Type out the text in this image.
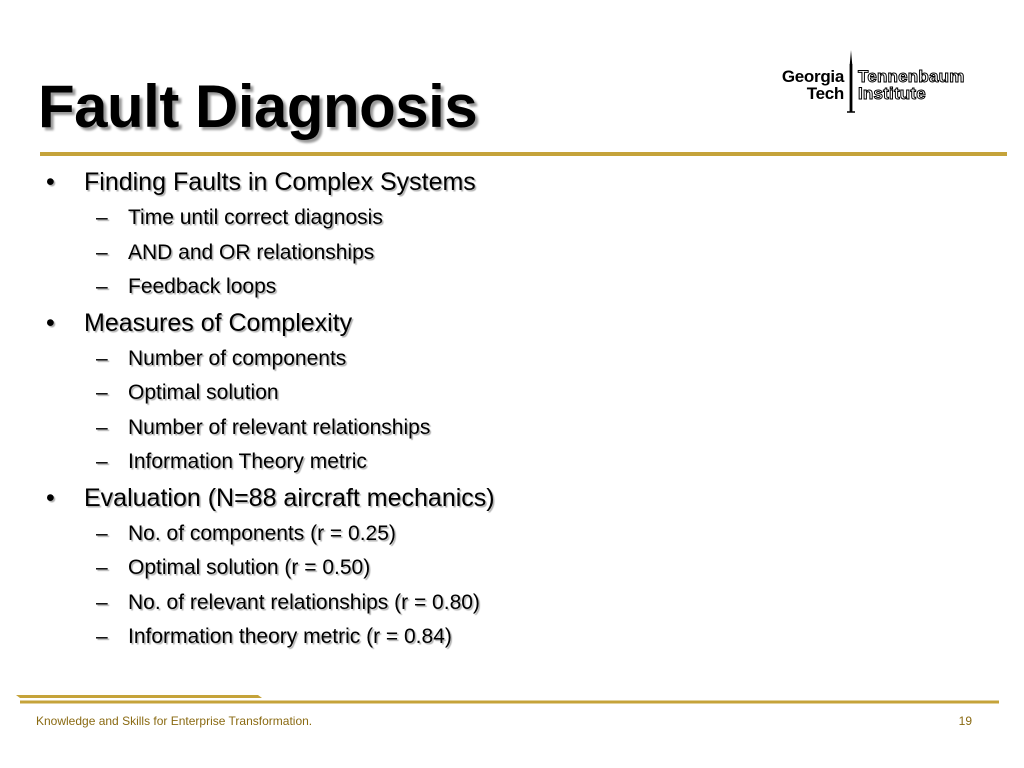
Fault Diagnosis	Georgia
Tech
Tennenbaum
Institute
• Finding Faults in Complex Systems
– Time until correct diagnosis
– AND and OR relationships
– Feedback loops
• Measures of Complexity
– Number of components
– Optimal solution
– Number of relevant relationships
– Information Theory metric
• Evaluation (N=88 aircraft mechanics)
– No. of components (r = 0.25)
– Optimal solution (r = 0.50)
– No. of relevant relationships (r = 0.80)
– Information theory metric (r = 0.84)
Knowledge and Skills for Enterprise Transformation.	19
